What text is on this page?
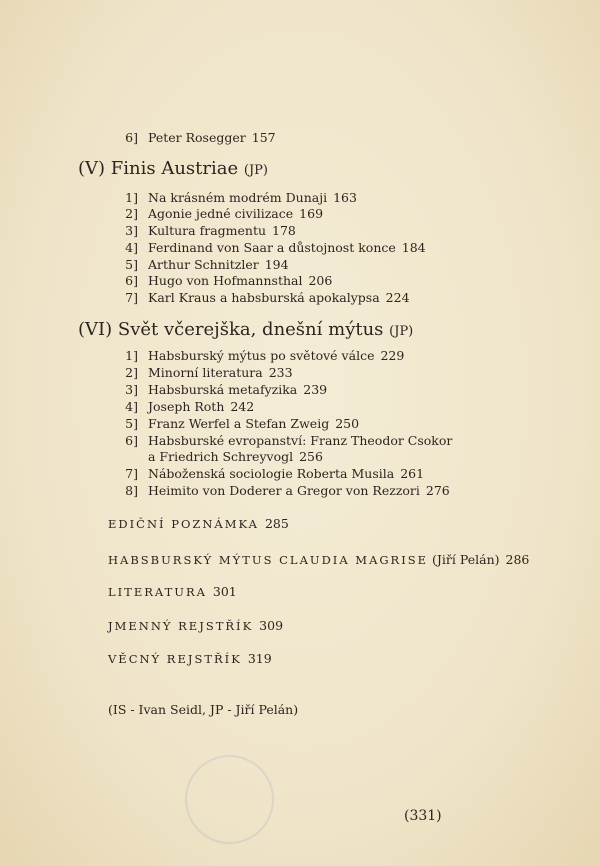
6] Peter Rosegger 157
(V) Finis Austriae (JP)
1] Na krásném modrém Dunaji 163
2] Agonie jedné civilizace 169
3] Kultura fragmentu 178
4] Ferdinand von Saar a důstojnost konce 184
5] Arthur Schnitzler 194
6] Hugo von Hofmannsthal 206
7] Karl Kraus a habsburská apokalypsa 224
(VI) Svět včerejška, dnešní mýtus (JP)
1] Habsburský mýtus po světové válce 229
2] Minorní literatura 233
3] Habsburská metafyzika 239
4] Joseph Roth 242
5] Franz Werfel a Stefan Zweig 250
6] Habsburské evropanství: Franz Theodor Csokor
a Friedrich Schreyvogl 256
7] Náboženská sociologie Roberta Musila 261
8] Heimito von Doderer a Gregor von Rezzori 276
EDIČNÍ POZNÁMKA 285
HABSBURSKÝ MÝTUS CLAUDIA MAGRISE (Jiří Pelán) 286
LITERATURA 301
JMENNÝ REJSTŘÍK 309
VĚCNÝ REJSTŘÍK 319
(IS - Ivan Seidl, JP - Jiří Pelán)
(331)
